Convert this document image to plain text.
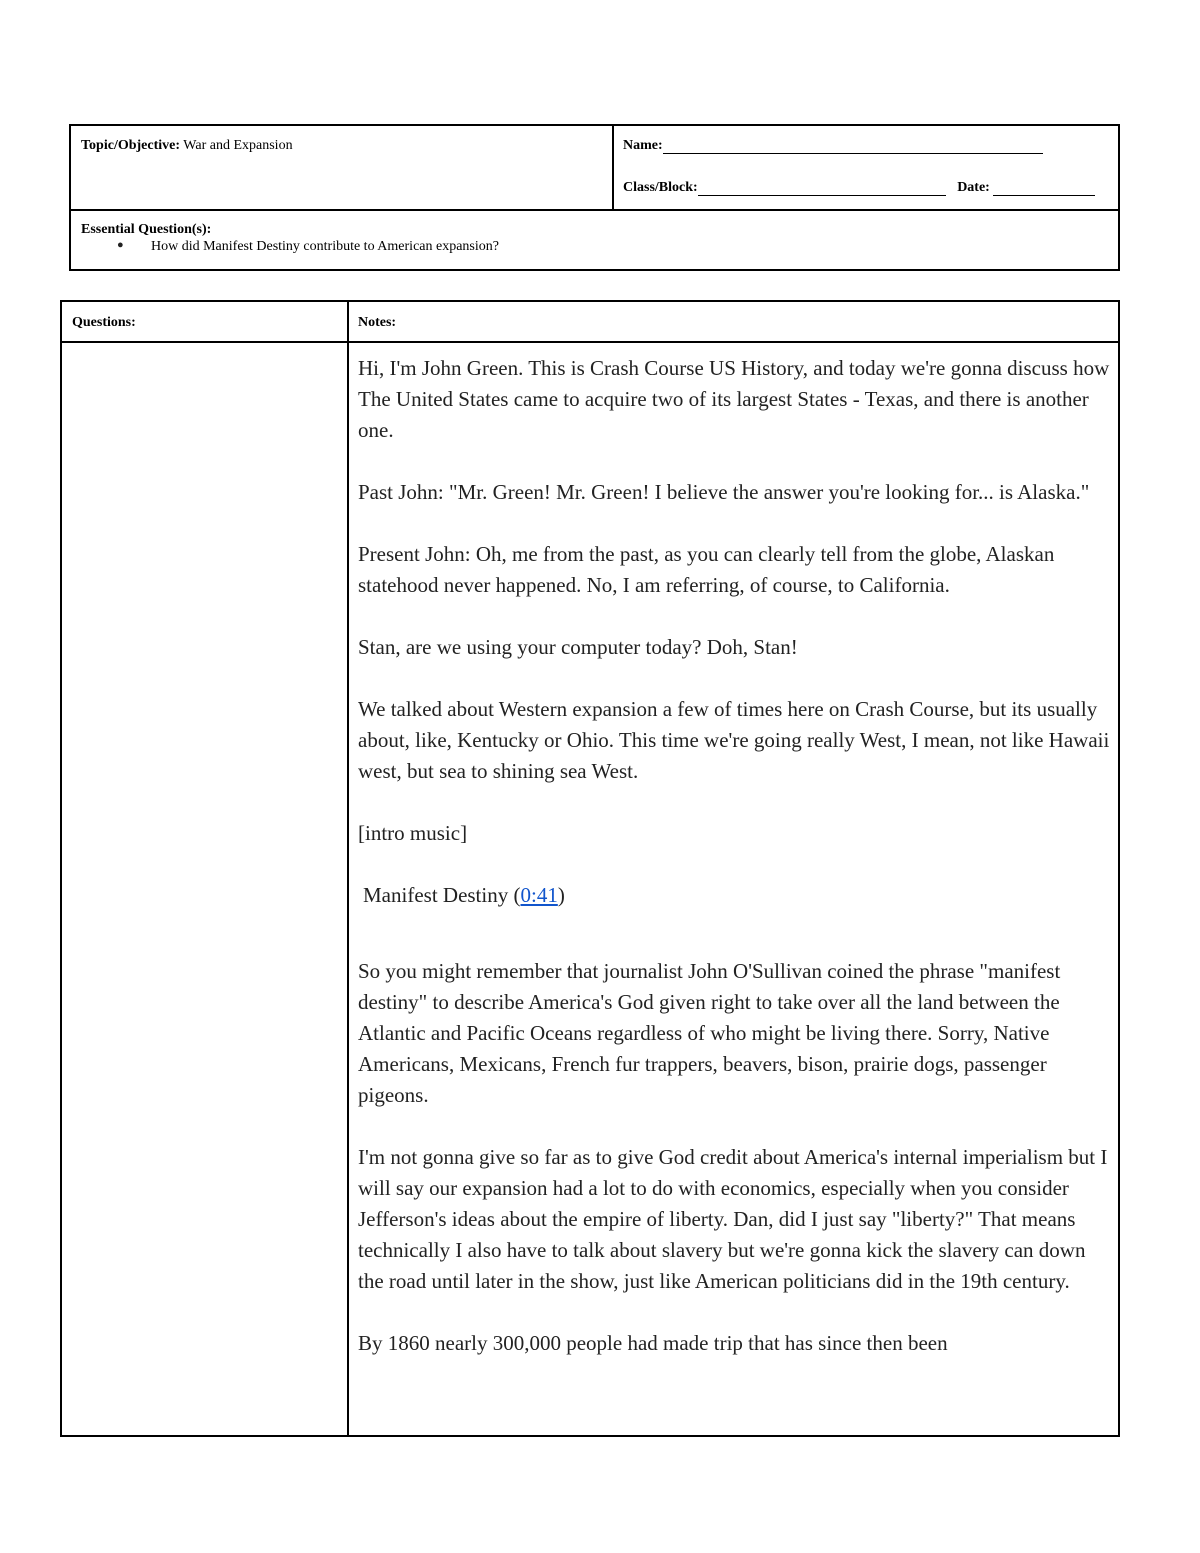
Topic/Objective: War and Expansion	Name:
Class/Block:	Date:
Essential Question(s):
● How did Manifest Destiny contribute to American expansion?
Questions:	Notes:

Hi, I'm John Green. This is Crash Course US History, and today we're gonna discuss how The United States came to acquire two of its largest States - Texas, and there is another one.

Past John: "Mr. Green! Mr. Green! I believe the answer you're looking for... is Alaska."

Present John: Oh, me from the past, as you can clearly tell from the globe, Alaskan statehood never happened. No, I am referring, of course, to California.

Stan, are we using your computer today? Doh, Stan!

We talked about Western expansion a few of times here on Crash Course, but its usually about, like, Kentucky or Ohio. This time we're going really West, I mean, not like Hawaii west, but sea to shining sea West.

[intro music]

Manifest Destiny (0:41)

So you might remember that journalist John O'Sullivan coined the phrase "manifest destiny" to describe America's God given right to take over all the land between the Atlantic and Pacific Oceans regardless of who might be living there. Sorry, Native Americans, Mexicans, French fur trappers, beavers, bison, prairie dogs, passenger pigeons.

I'm not gonna give so far as to give God credit about America's internal imperialism but I will say our expansion had a lot to do with economics, especially when you consider Jefferson's ideas about the empire of liberty. Dan, did I just say "liberty?" That means technically I also have to talk about slavery but we're gonna kick the slavery can down the road until later in the show, just like American politicians did in the 19th century.

By 1860 nearly 300,000 people had made trip that has since then been
